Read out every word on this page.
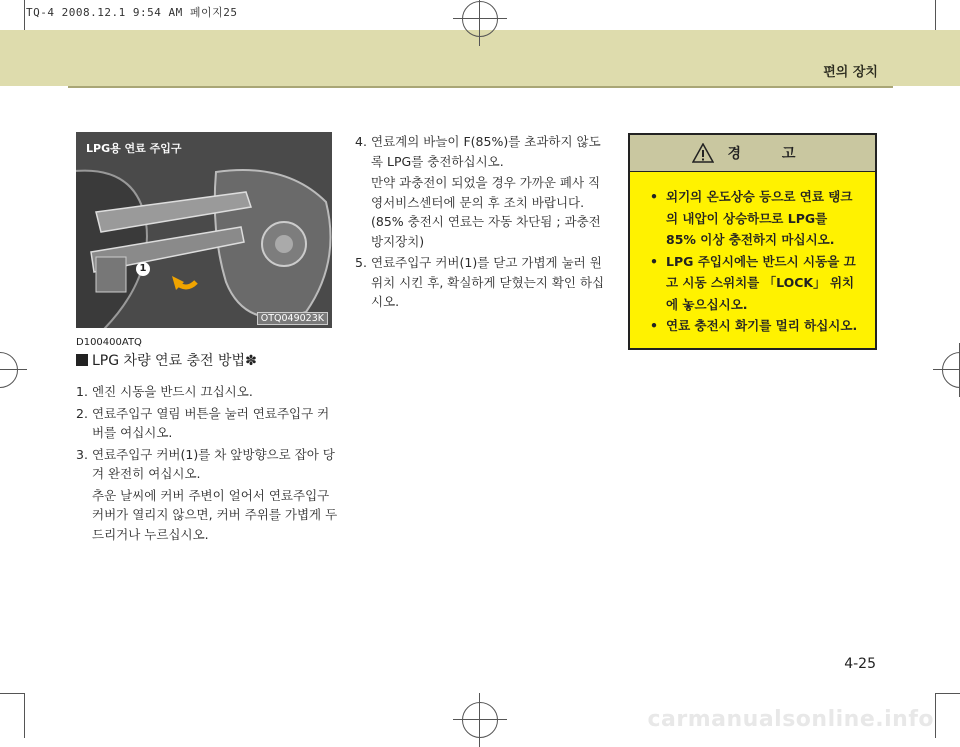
TQ-4 2008.12.1 9:54 AM 페이지25
편의 장치
LPG용 연료 주입구
OTQ049023K
1
D100400ATQ
LPG 차량 연료 충전 방법✽
1. 엔진 시동을 반드시 끄십시오.
2. 연료주입구 열림 버튼을 눌러 연료주입구 커버를 여십시오.
3. 연료주입구 커버(1)를 차 앞방향으로 잡아 당겨 완전히 여십시오.
추운 날씨에 커버 주변이 얼어서 연료주입구 커버가 열리지 않으면, 커버 주위를 가볍게 두드리거나 누르십시오.
4. 연료계의 바늘이 F(85%)를 초과하지 않도록 LPG를 충전하십시오.
만약 과충전이 되었을 경우 가까운 폐사 직영서비스센터에 문의 후 조치 바랍니다. (85% 충전시 연료는 자동 차단됨 ; 과충전 방지장치)
5. 연료주입구 커버(1)를 닫고 가볍게 눌러 원위치 시킨 후, 확실하게 닫혔는지 확인 하십시오.
경 고
• 외기의 온도상승 등으로 연료 탱크의 내압이 상승하므로 LPG를 85% 이상 충전하지 마십시오.
• LPG 주입시에는 반드시 시동을 끄고 시동 스위치를 「LOCK」 위치에 놓으십시오.
• 연료 충전시 화기를 멀리 하십시오.
4-25
carmanualsonline.info
